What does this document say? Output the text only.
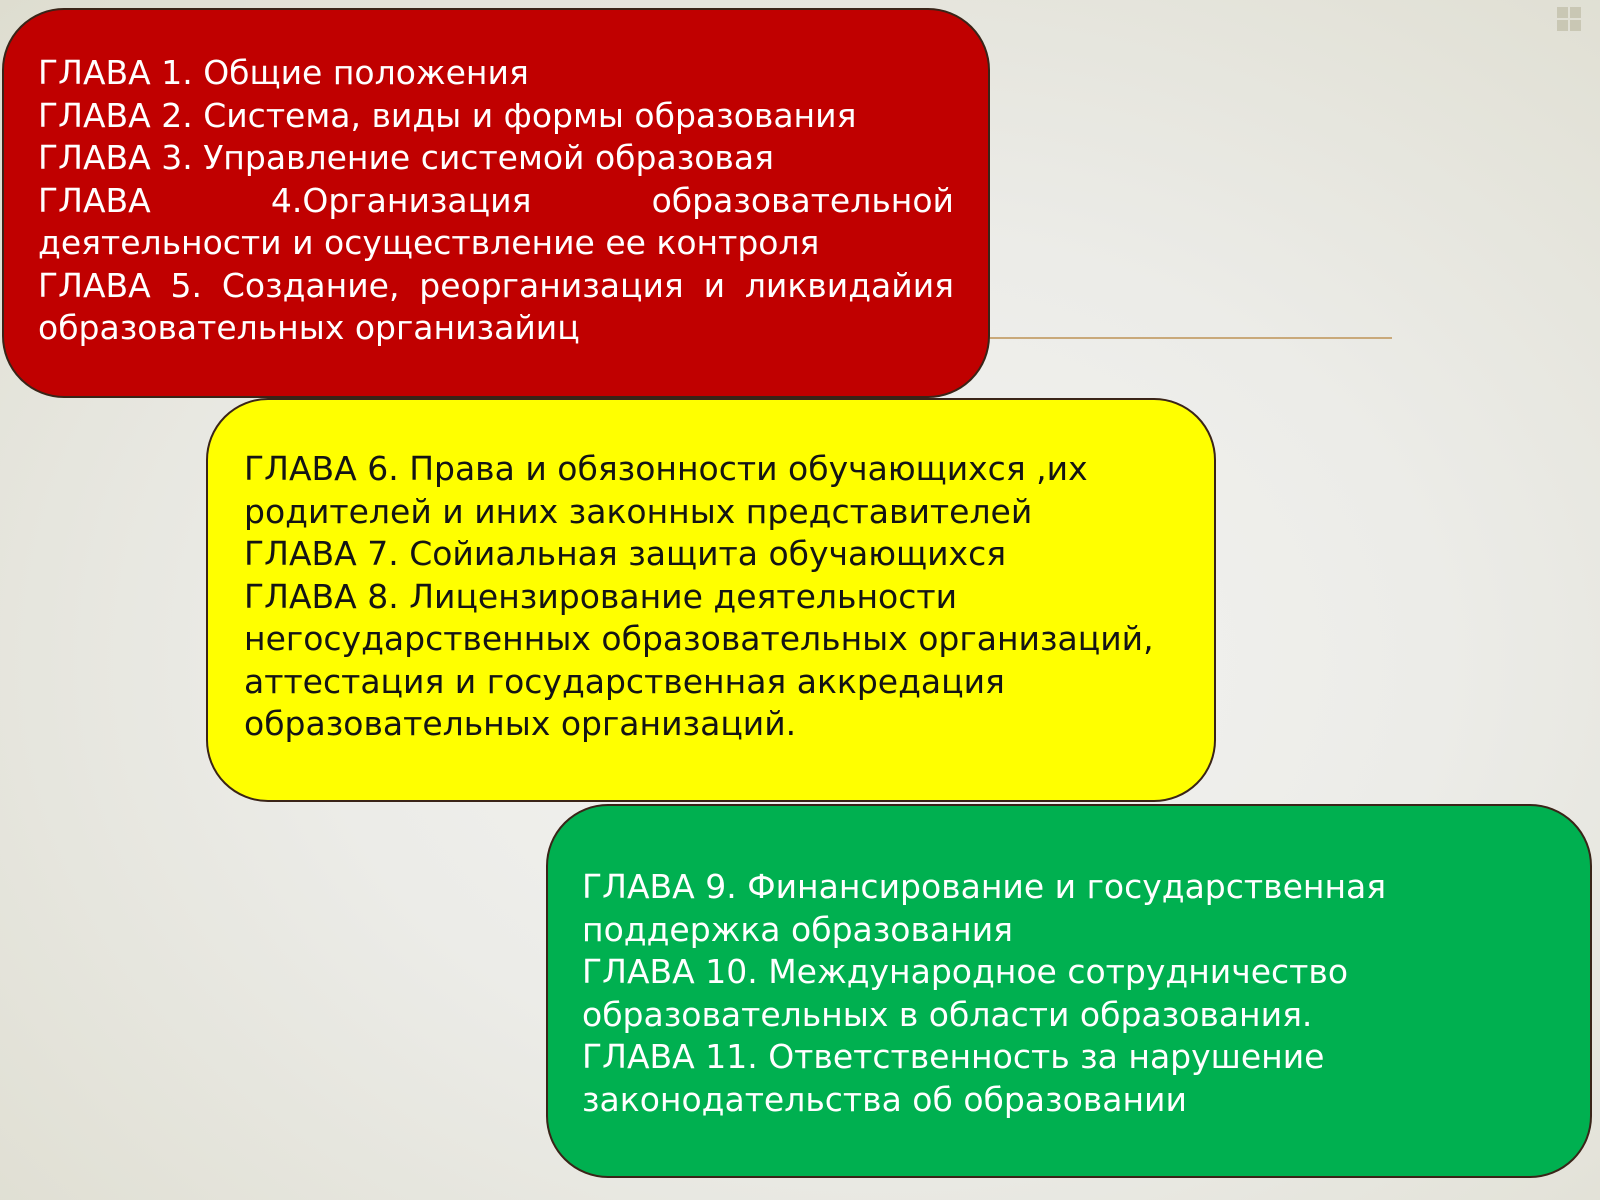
ГЛАВА 1. Общие положения
ГЛАВА 2. Система, виды и формы образования
ГЛАВА 3. Управление системой образовая
ГЛАВА 4.Организация образовательной деятельности и осуществление ее контроля
ГЛАВА 5. Создание, реорганизация и ликвидайия образовательных организайиц
ГЛАВА 6. Права и обязонности обучающихся ,их родителей и иних законных представителей
ГЛАВА 7. Сойиальная защита обучающихся
ГЛАВА 8. Лицензирование деятельности негосударственных образовательных организаций, аттестация и государственная аккредация образовательных организаций.
ГЛАВА 9. Финансирование и государственная поддержка образования
ГЛАВА 10. Международное сотрудничество образовательных в области образования.
ГЛАВА 11. Ответственность за нарушение законодательства об образовании
